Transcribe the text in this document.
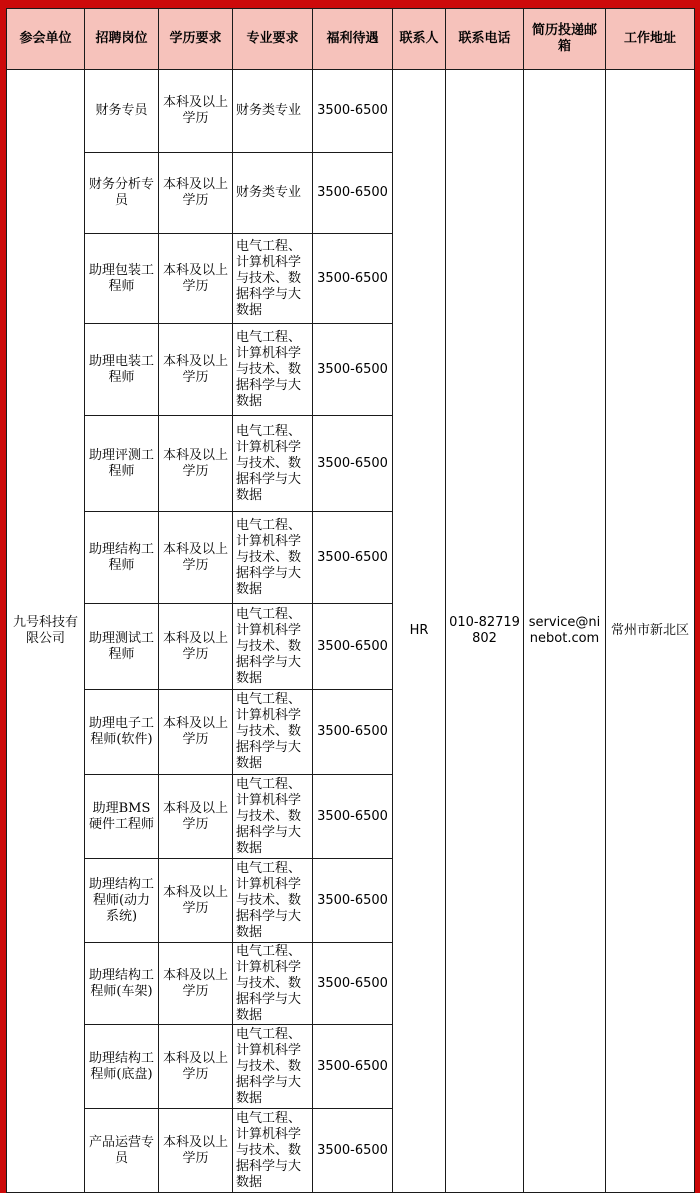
参会单位	招聘岗位	学历要求	专业要求	福利待遇	联系人	联系电话	简历投递邮箱	工作地址
九号科技有限公司	财务专员	本科及以上学历	财务类专业	3500-6500	HR	010-82719802	service@ninebot.com	常州市新北区
	财务分析专员	本科及以上学历	财务类专业	3500-6500				
	助理包装工程师	本科及以上学历	电气工程、计算机科学与技术、数据科学与大数据	3500-6500				
	助理电装工程师	本科及以上学历	电气工程、计算机科学与技术、数据科学与大数据	3500-6500				
	助理评测工程师	本科及以上学历	电气工程、计算机科学与技术、数据科学与大数据	3500-6500				
	助理结构工程师	本科及以上学历	电气工程、计算机科学与技术、数据科学与大数据	3500-6500				
	助理测试工程师	本科及以上学历	电气工程、计算机科学与技术、数据科学与大数据	3500-6500				
	助理电子工程师(软件)	本科及以上学历	电气工程、计算机科学与技术、数据科学与大数据	3500-6500				
	助理BMS硬件工程师	本科及以上学历	电气工程、计算机科学与技术、数据科学与大数据	3500-6500				
	助理结构工程师(动力系统)	本科及以上学历	电气工程、计算机科学与技术、数据科学与大数据	3500-6500				
	助理结构工程师(车架)	本科及以上学历	电气工程、计算机科学与技术、数据科学与大数据	3500-6500				
	助理结构工程师(底盘)	本科及以上学历	电气工程、计算机科学与技术、数据科学与大数据	3500-6500				
	产品运营专员	本科及以上学历	电气工程、计算机科学与技术、数据科学与大数据	3500-6500				
